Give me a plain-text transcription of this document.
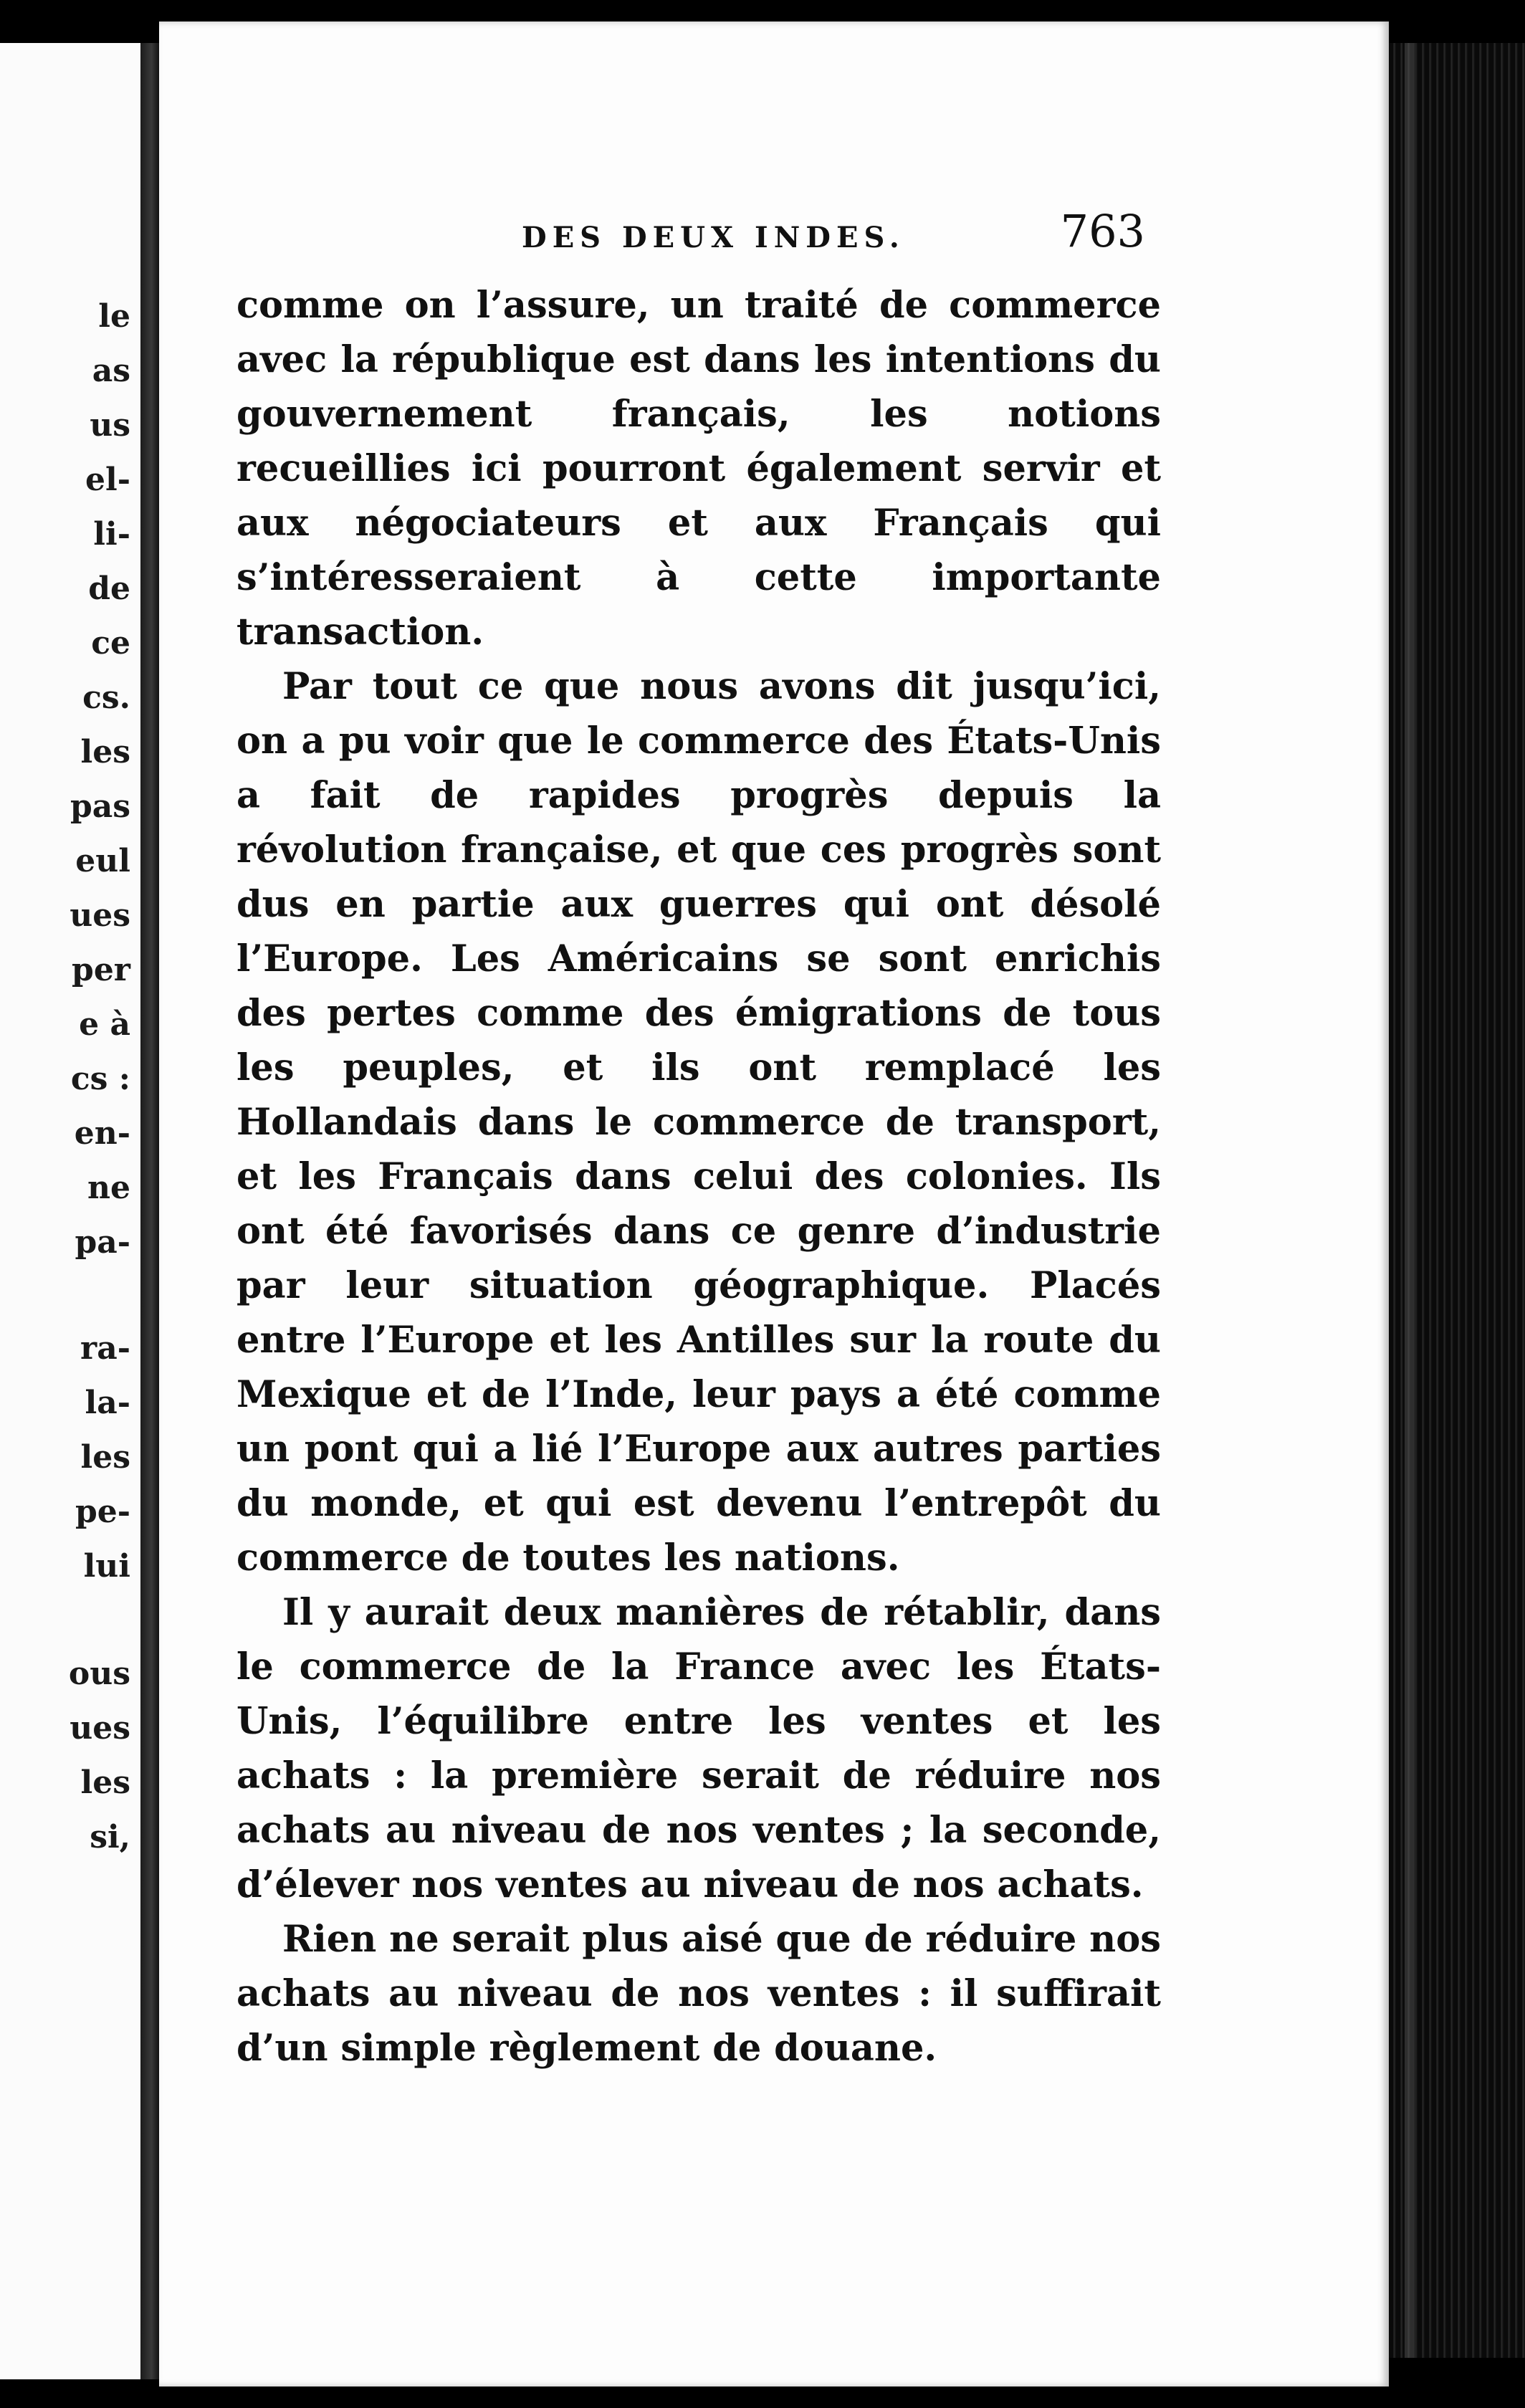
le
as
us
el-
li-
de
ce
cs.
les
pas
eul
ues
per
e à
cs :
en-
ne
pa-
ra-
la-
les
pe-
lui
ous
ues
les
si,
DES DEUX INDES.	763

comme on l’assure, un traité de commerce avec la république est dans les intentions du gouvernement français, les notions recueillies ici pourront également servir et aux négociateurs et aux Français qui s’intéresseraient à cette importante transaction.

Par tout ce que nous avons dit jusqu’ici, on a pu voir que le commerce des États-Unis a fait de rapides progrès depuis la révolution française, et que ces progrès sont dus en partie aux guerres qui ont désolé l’Europe. Les Américains se sont enrichis des pertes comme des émigrations de tous les peuples, et ils ont remplacé les Hollandais dans le commerce de transport, et les Français dans celui des colonies. Ils ont été favorisés dans ce genre d’industrie par leur situation géographique. Placés entre l’Europe et les Antilles sur la route du Mexique et de l’Inde, leur pays a été comme un pont qui a lié l’Europe aux autres parties du monde, et qui est devenu l’entrepôt du commerce de toutes les nations.

Il y aurait deux manières de rétablir, dans le commerce de la France avec les États-Unis, l’équilibre entre les ventes et les achats : la première serait de réduire nos achats au niveau de nos ventes ; la seconde, d’élever nos ventes au niveau de nos achats.

Rien ne serait plus aisé que de réduire nos achats au niveau de nos ventes : il suffirait d’un simple règlement de douane.
